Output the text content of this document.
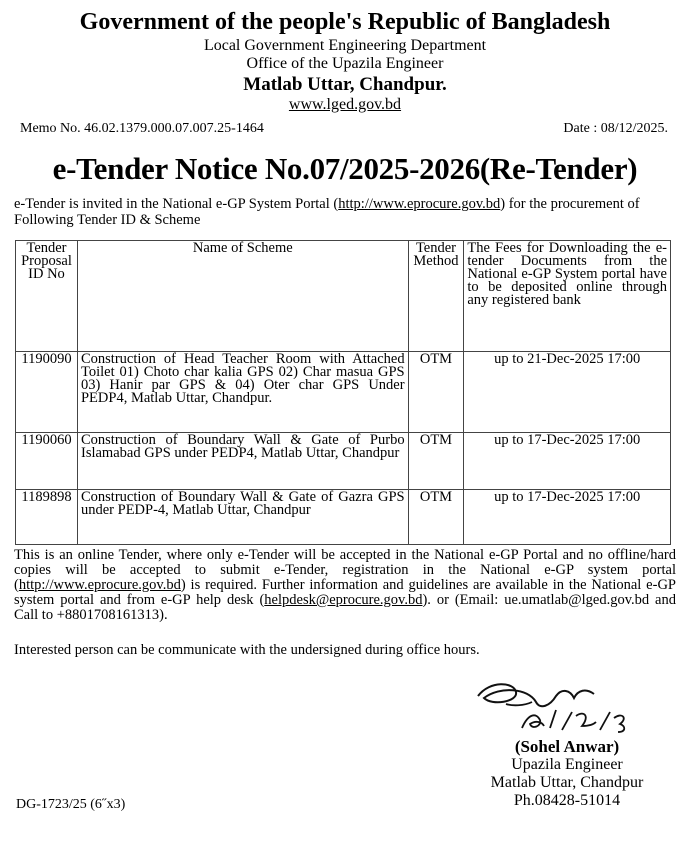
Government of the people's Republic of Bangladesh
Local Government Engineering Department
Office of the Upazila Engineer
Matlab Uttar, Chandpur.
www.lged.gov.bd
Memo No. 46.02.1379.000.07.007.25-1464	Date : 08/12/2025.
e-Tender Notice No.07/2025-2026(Re-Tender)
e-Tender is invited in the National e-GP System Portal (http://www.eprocure.gov.bd) for the procurement of Following Tender ID & Scheme
Tender Proposal ID No	Name of Scheme	Tender Method	The Fees for Downloading the e-tender Documents from the National e-GP System portal have to be deposited online through any registered bank
1190090	Construction of Head Teacher Room with Attached Toilet 01) Choto char kalia GPS 02) Char masua GPS 03) Hanir par GPS & 04) Oter char GPS Under PEDP4, Matlab Uttar, Chandpur.	OTM	up to 21-Dec-2025 17:00
1190060	Construction of Boundary Wall & Gate of Purbo Islamabad GPS under PEDP4, Matlab Uttar, Chandpur	OTM	up to 17-Dec-2025 17:00
1189898	Construction of Boundary Wall & Gate of Gazra GPS under PEDP-4, Matlab Uttar, Chandpur	OTM	up to 17-Dec-2025 17:00
This is an online Tender, where only e-Tender will be accepted in the National e-GP Portal and no offline/hard copies will be accepted to submit e-Tender, registration in the National e-GP system portal (http://www.eprocure.gov.bd) is required. Further information and guidelines are available in the National e-GP system portal and from e-GP help desk (helpdesk@eprocure.gov.bd). or (Email: ue.umatlab@lged.gov.bd and Call to +8801708161313).
Interested person can be communicate with the undersigned during office hours.
(Sohel Anwar)
Upazila Engineer
Matlab Uttar, Chandpur
Ph.08428-51014
DG-1723/25 (6˝x3)
